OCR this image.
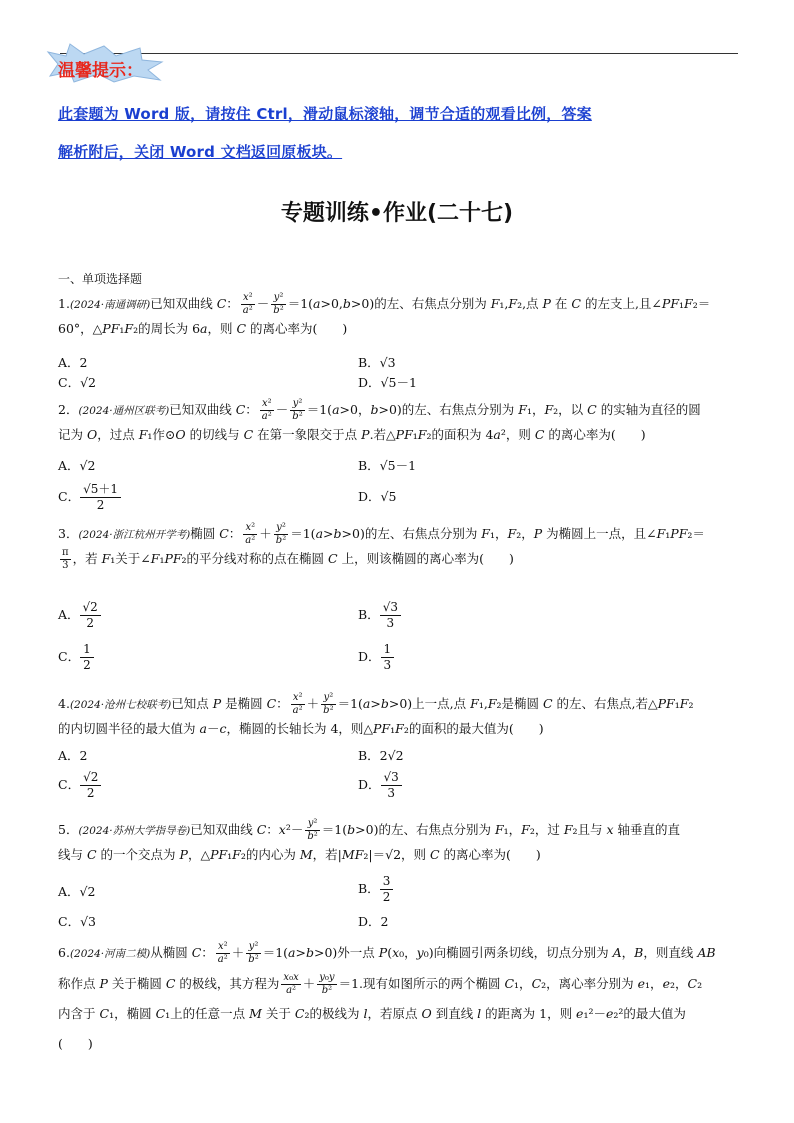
温馨提示：
此套题为 Word 版，请按住 Ctrl，滑动鼠标滚轴，调节合适的观看比例，答案
解析附后，关闭 Word 文档返回原板块。
专题训练•作业(二十七)
一、单项选择题
1.(2024·南通调研)已知双曲线 C： $\frac{\text{x²}}{\text{a²}} - \frac{\text{y²}}{\text{b²}} =1(a>0,b>0)$的左、右焦点分别为 F₁,F₂,点 P 在 C 的左支上,且∠PF₁F₂＝
60°，△PF₁F₂的周长为 6a，则 C 的离心率为(　　)
A．2	B．√3
C．√2	D．√5－1
2．(2024·通州区联考)已知双曲线 C： $\frac{\text{x²}}{\text{a²}} - \frac{\text{y²}}{\text{b²}} =1(a>0$，b>0)的左、右焦点分别为 F₁，F₂，以 C 的实轴为直径的圆
记为 O，过点 F₁作⊙O 的切线与 C 在第一象限交于点 P.若△PF₁F₂的面积为 4a²，则 C 的离心率为(　　)
A．√2	B．√5－1
C． $\frac{√5+1}{2}$	D．√5
3．(2024·浙江杭州开学考)椭圆 C： $\frac{\text{x²}}{\text{a²}} + \frac{\text{y²}}{\text{b²}} =1(a>b>0)$的左、右焦点分别为 F₁，F₂，P 为椭圆上一点，且∠F₁PF₂＝

$\frac{\pi}{3}$ ，若 F₁关于∠F₁PF₂的平分线对称的点在椭圆 C 上，则该椭圆的离心率为(　　)
A． $\frac{√2}{2}$	B． $\frac{√3}{3}$
C． $\frac{1}{2}$	D． $\frac{1}{3}$
4.(2024·沧州七校联考)已知点 P 是椭圆 C： $\frac{\text{x²}}{\text{a²}} + \frac{\text{y²}}{\text{b²}} =1(a>b>0)$上一点,点 F₁,F₂是椭圆 C 的左、右焦点,若△PF₁F₂
的内切圆半径的最大值为 a－c，椭圆的长轴长为 4，则△PF₁F₂的面积的最大值为(　　)
A．2	B．2√2
C． $\frac{√2}{2}$	D． $\frac{√3}{3}$
5．(2024·苏州大学指导卷)已知双曲线 C：$x^2- \frac{\text{y²}}{\text{b²}} =1(b>0)$的左、右焦点分别为 F₁，F₂，过 F₂且与 x 轴垂直的直
线与 C 的一个交点为 P，△PF₁F₂的内心为 M，若|MF₂|＝√2，则 C 的离心率为(　　)
A．√2	B． $\frac{3}{2}$
C．√3	D．2
6.(2024·河南二模)从椭圆 C： $\frac{\text{x²}}{\text{a²}} + \frac{\text{y²}}{\text{b²}} =1(a>b>0)$外一点 P(x₀，y₀)向椭圆引两条切线，切点分别为 A，B，则直线 AB
称作点 P 关于椭圆 C 的极线，其方程为 $\frac{\text{x₀x}}{\text{a²}} + \frac{\text{y₀y}}{\text{b²}} =1$.现有如图所示的两个椭圆 C₁，C₂，离心率分别为 e₁，e₂，C₂
内含于 C₁，椭圆 C₁上的任意一点 M 关于 C₂的极线为 l，若原点 O 到直线 l 的距离为 1，则 e₁²－e₂²的最大值为
(　　)
